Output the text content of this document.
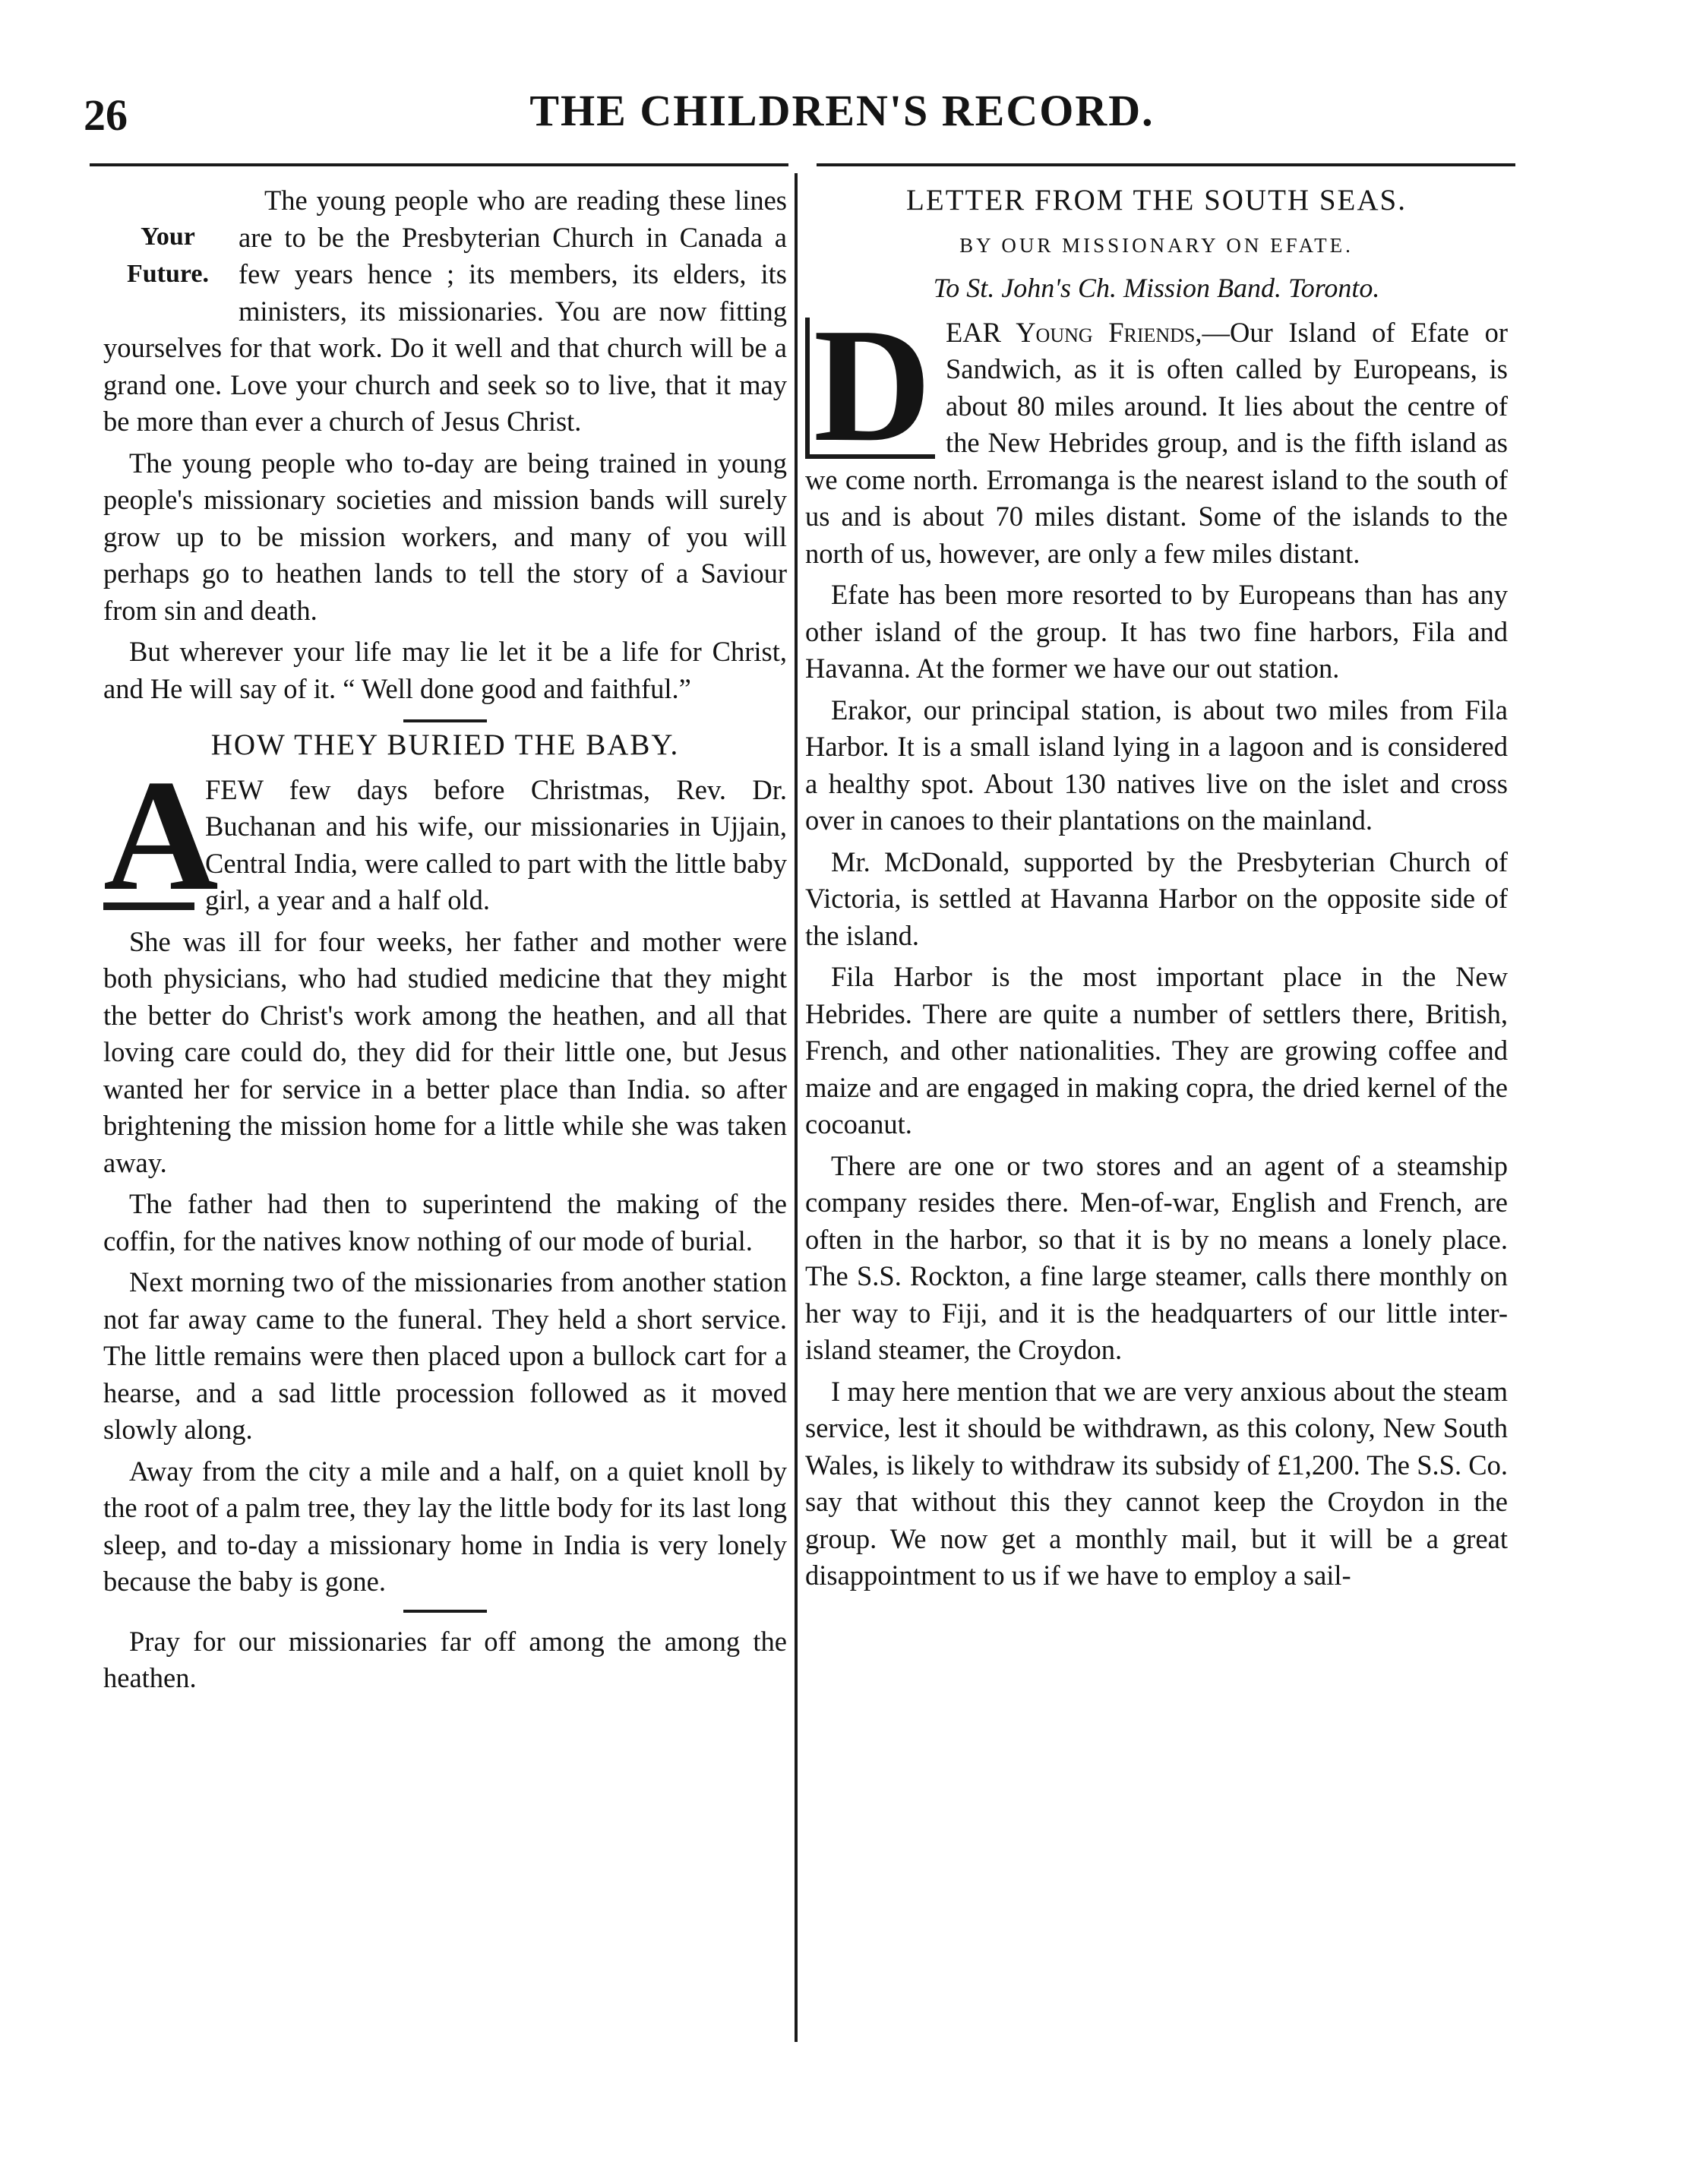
26	THE CHILDREN'S RECORD.
Your Future.

The young people who are reading these lines are to be the Presbyterian Church in Canada a few years hence ; its members, its elders, its ministers, its missionaries. You are now fitting yourselves for that work. Do it well and that church will be a grand one. Love your church and seek so to live, that it may be more than ever a church of Jesus Christ.

The young people who to-day are being trained in young people's missionary societies and mission bands will surely grow up to be mission workers, and many of you will perhaps go to heathen lands to tell the story of a Saviour from sin and death.

But wherever your life may lie let it be a life for Christ, and He will say of it. “ Well done good and faithful.”

HOW THEY BURIED THE BABY.
A

FEW few days before Christmas, Rev. Dr. Buchanan and his wife, our missionaries in Ujjain, Central India, were called to part with the little baby girl, a year and a half old.

She was ill for four weeks, her father and mother were both physicians, who had studied medicine that they might the better do Christ's work among the heathen, and all that loving care could do, they did for their little one, but Jesus wanted her for service in a better place than India. so after brightening the mission home for a little while she was taken away.

The father had then to superintend the making of the coffin, for the natives know nothing of our mode of burial.

Next morning two of the missionaries from another station not far away came to the funeral. They held a short service. The little remains were then placed upon a bullock cart for a hearse, and a sad little procession followed as it moved slowly along.

Away from the city a mile and a half, on a quiet knoll by the root of a palm tree, they lay the little body for its last long sleep, and to-day a missionary home in India is very lonely because the baby is gone.

Pray for our missionaries far off among the among the heathen.

LETTER FROM THE SOUTH SEAS.
BY OUR MISSIONARY ON EFATE.
To St. John's Ch. Mission Band. Toronto.
D EAR Young Friends,—Our Island of Efate or Sandwich, as it is often called by Europeans, is about 80 miles around. It lies about the centre of the New Hebrides group, and is the fifth island as we come north. Erromanga is the nearest island to the south of us and is about 70 miles distant. Some of the islands to the north of us, however, are only a few miles distant.

Efate has been more resorted to by Europeans than has any other island of the group. It has two fine harbors, Fila and Havanna. At the former we have our out station.

Erakor, our principal station, is about two miles from Fila Harbor. It is a small island lying in a lagoon and is considered a healthy spot. About 130 natives live on the islet and cross over in canoes to their plantations on the mainland.

Mr. McDonald, supported by the Presbyterian Church of Victoria, is settled at Havanna Harbor on the opposite side of the island.

Fila Harbor is the most important place in the New Hebrides. There are quite a number of settlers there, British, French, and other nationalities. They are growing coffee and maize and are engaged in making copra, the dried kernel of the cocoanut.

There are one or two stores and an agent of a steamship company resides there. Men-of-war, English and French, are often in the harbor, so that it is by no means a lonely place. The S.S. Rockton, a fine large steamer, calls there monthly on her way to Fiji, and it is the headquarters of our little inter-island steamer, the Croydon.

I may here mention that we are very anxious about the steam service, lest it should be withdrawn, as this colony, New South Wales, is likely to withdraw its subsidy of £1,200. The S.S. Co. say that without this they cannot keep the Croydon in the group. We now get a monthly mail, but it will be a great disappointment to us if we have to employ a sail-
